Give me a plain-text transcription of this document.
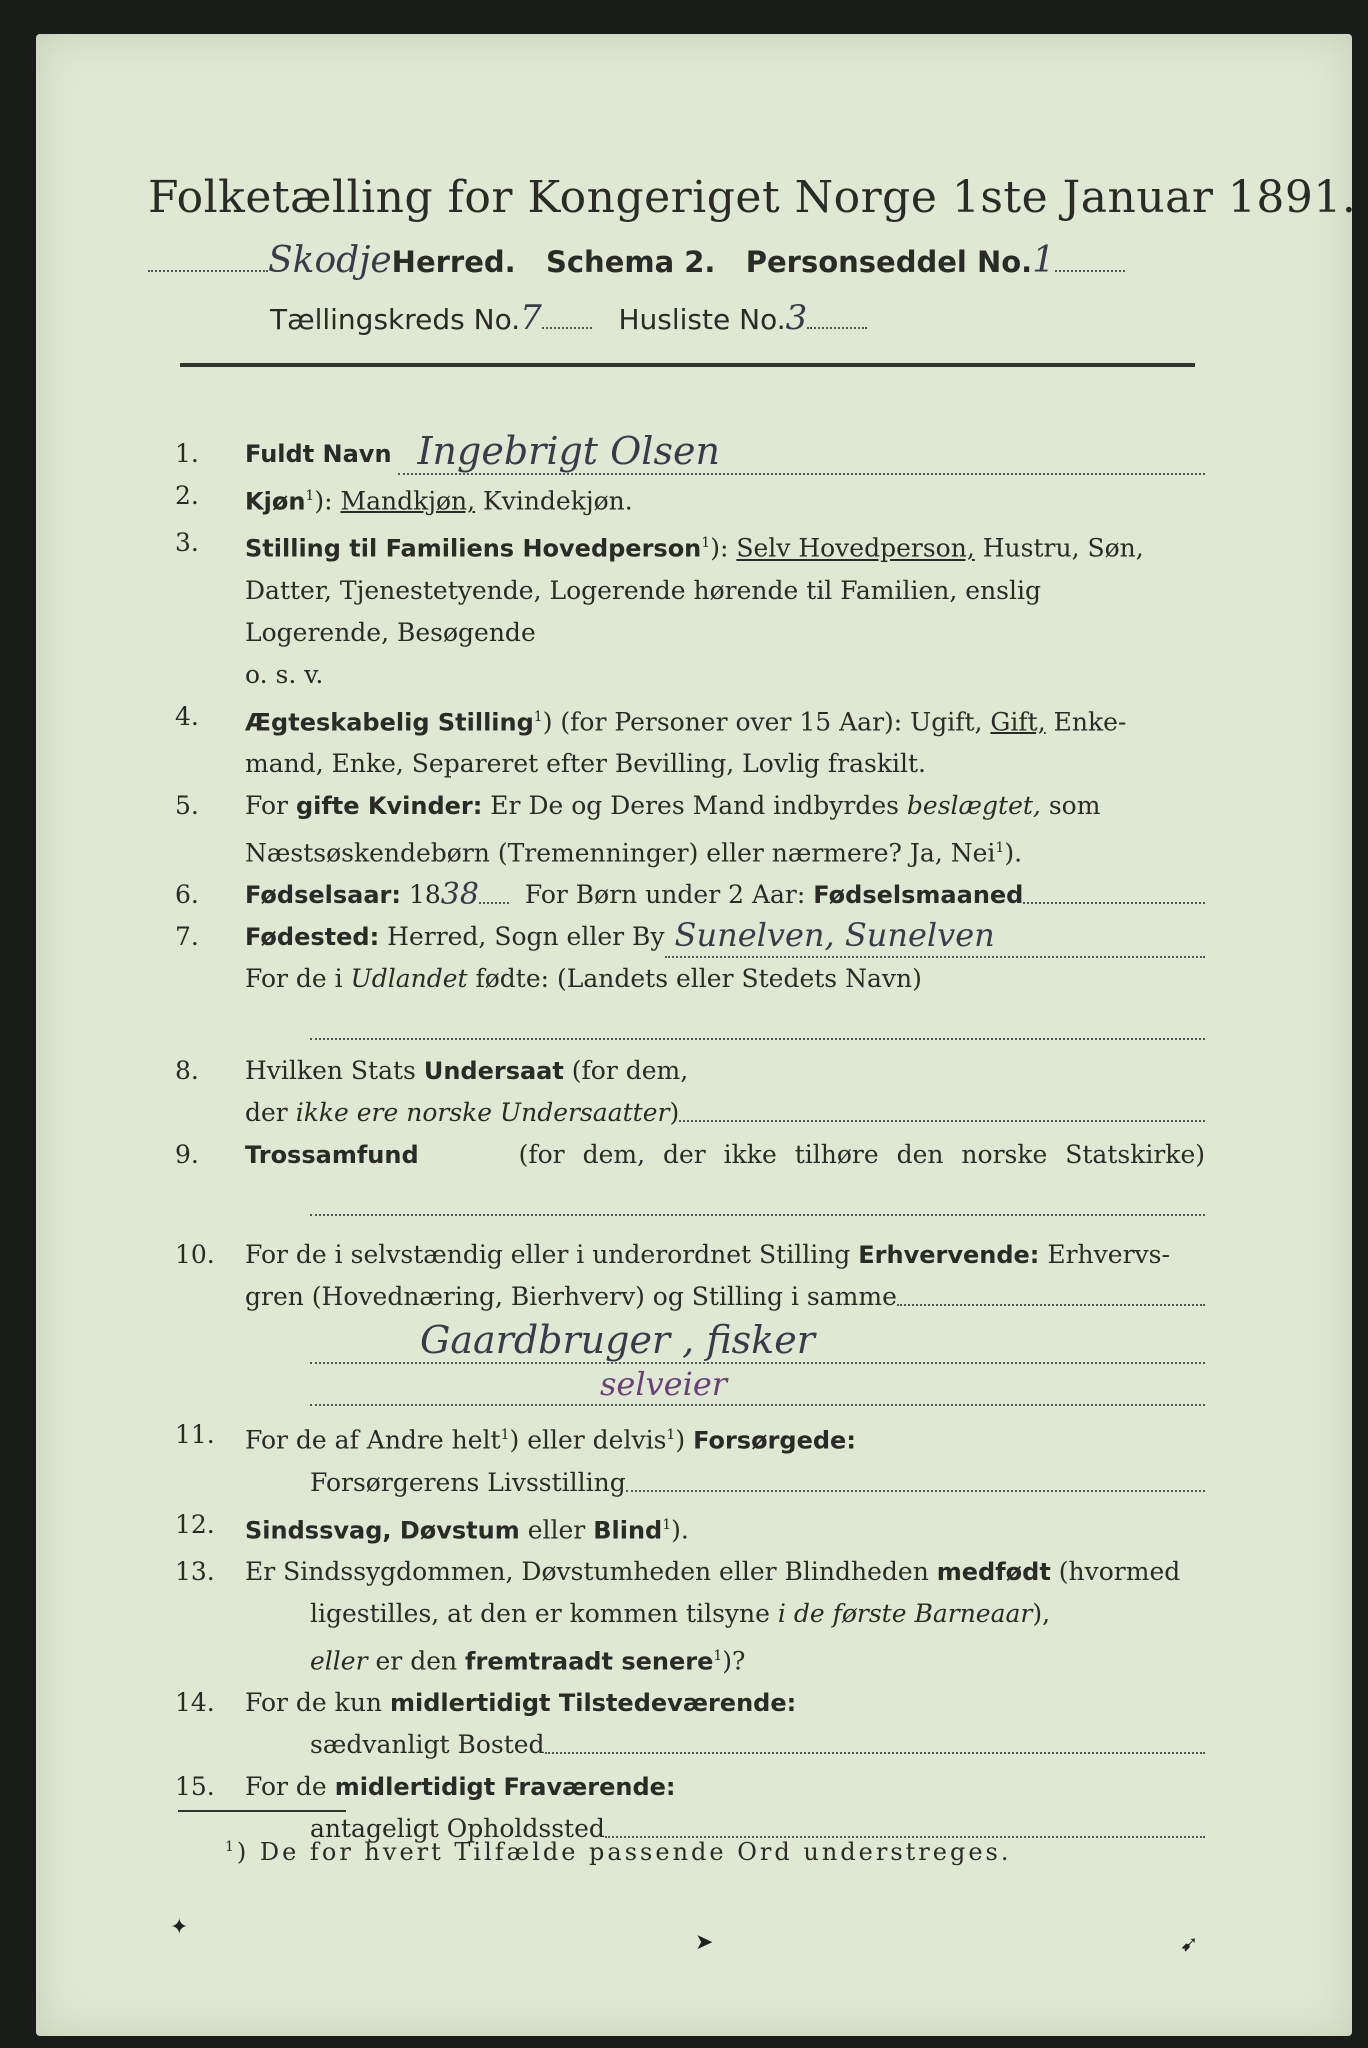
Folketælling for Kongeriget Norge 1ste Januar 1891.
SkodjeHerred. Schema 2. Personseddel No.1
Tællingskreds No.7	Husliste No.3
1.	Fuldt Navn Ingebrigt Olsen
2.	Kjøn$^1$): Mandkjøn, Kvindekjøn.
3.	Stilling til Familiens Hovedperson$^1$): Selv Hovedperson, Hustru, Søn,
Datter, Tjenestetyende, Logerende hørende til Familien, enslig
Logerende, Besøgende
o. s. v.
4.	Ægteskabelig Stilling$^1$) (for Personer over 15 Aar): Ugift, Gift, Enke-
mand, Enke, Separeret efter Bevilling, Lovlig fraskilt.
5.	For gifte Kvinder: Er De og Deres Mand indbyrdes beslægtet, som
Næstsøskendebørn (Tremenninger) eller nærmere? Ja, Nei$^1$).
6.	Fødselsaar:
18 38
For Børn under 2 Aar:
Fødselsmaaned
7.	Fødested:
Herred, Sogn eller By Sunelven, Sunelven
For de i Udlandet fødte: (Landets eller Stedets Navn)
8.	Hvilken Stats Undersaat (for dem,
der
ikke ere norske Undersaatter )
9.	Trossamfund
	(for dem, der ikke tilhøre den norske Statskirke)
10.	For de i selvstændig eller i underordnet Stilling Erhvervende: Erhvervs-
gren (Hovednæring, Bierhverv) og Stilling i samme
Gaardbruger , fisker
selveier
11.	For de af Andre helt$^1$) eller delvis$^1$) Forsørgede:
Forsørgerens Livsstilling
12.	Sindssvag, Døvstum eller Blind$^1$).
13.	Er Sindssygdommen, Døvstumheden eller Blindheden medfødt (hvormed
ligestilles, at den er kommen tilsyne i de første Barneaar),
eller er den fremtraadt senere$^1$)?
14.	For de kun midlertidigt Tilstedeværende:
sædvanligt Bosted
15.	For de midlertidigt Fraværende:
antageligt Opholdssted
$^1$) De for hvert Tilfælde passende Ord understreges.
✦
➤	➹
